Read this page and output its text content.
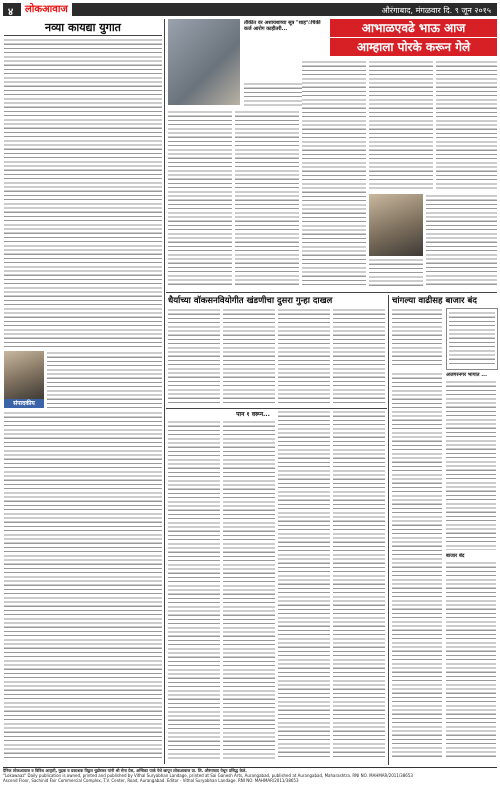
४	लोकआवाज	औरंगाबाद, मंगळवार दि. ९ जून २०१५
नव्या कायद्या युगात
संपादकीय
तौकीत वर अशायशाय्या सूत्र "शाह"ंचिकी कर्ज आरोग काहीतरी...	आभाळएवढे भाऊ आज
आम्हाला पोरके करून गेले
धैर्याच्या वॉकसनवियोगीत खंडणीचा दुसरा गुन्हा दाखल	चांगल्या वाढीसह बाजार बंद
पान १ वरून...
अजगरनगर भागात ...
बाजार बंद
दैनिक लोकआवाज व विविध आवृत्ती, मुद्रक व प्रकाशक विठ्ठल चुडोरकर यांनी श्री सेना प्रेस, अम्बिका पार्क येथे छापून लोकआवाज प्रा. लि. औरंगाबाद येथून प्रसिद्ध केले.
"Lokawaaz" Daily publication is owned, printed and published by Vithal Suryabhan Landage, printed at Sai Ganesh Arts, Aurangabad, published at Aurangabad, Maharashtra. RNI NO. MAHMAR/2011/38653
Ascend Floor, Sachinid Fair Commercial Complex, T.V. Center, Road, Aurangabad. Editor - Vithal Suryabhan Landage. RNI NO. MAHMAR/2011/38653
